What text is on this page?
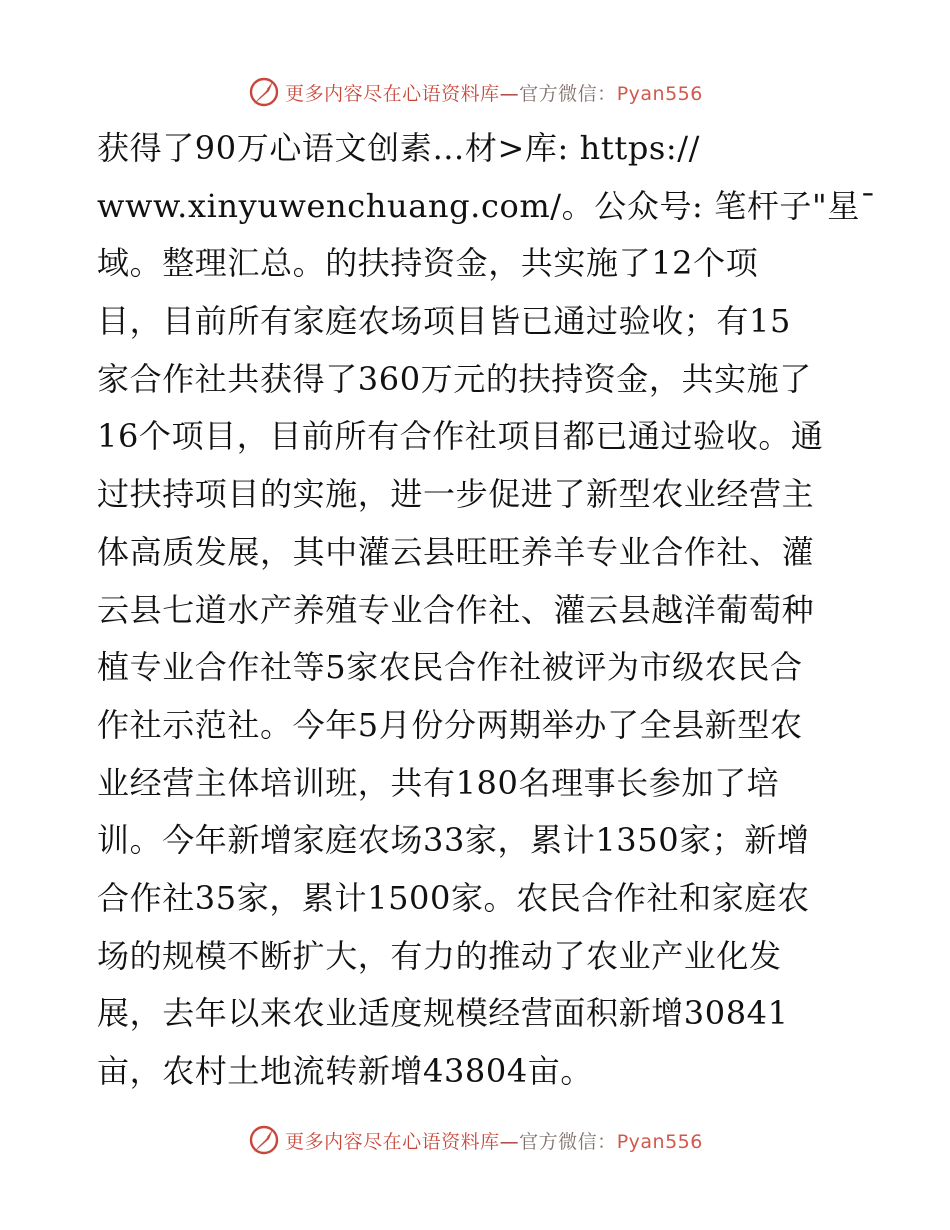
更多内容尽在心语资料库—官方微信：Pyan556
获得了90万心语文创素…材>库: https://
www.xinyuwenchuang.com/。公众号: 笔杆子"星¯
域。整理汇总。的扶持资金，共实施了12个项
目，目前所有家庭农场项目皆已通过验收；有15
家合作社共获得了360万元的扶持资金，共实施了
16个项目，目前所有合作社项目都已通过验收。通
过扶持项目的实施，进一步促进了新型农业经营主
体高质发展，其中灌云县旺旺养羊专业合作社、灌
云县七道水产养殖专业合作社、灌云县越洋葡萄种
植专业合作社等5家农民合作社被评为市级农民合
作社示范社。今年5月份分两期举办了全县新型农
业经营主体培训班，共有180名理事长参加了培
训。今年新增家庭农场33家，累计1350家；新增
合作社35家，累计1500家。农民合作社和家庭农
场的规模不断扩大，有力的推动了农业产业化发
展，去年以来农业适度规模经营面积新增30841
亩，农村土地流转新增43804亩。
更多内容尽在心语资料库—官方微信：Pyan556
